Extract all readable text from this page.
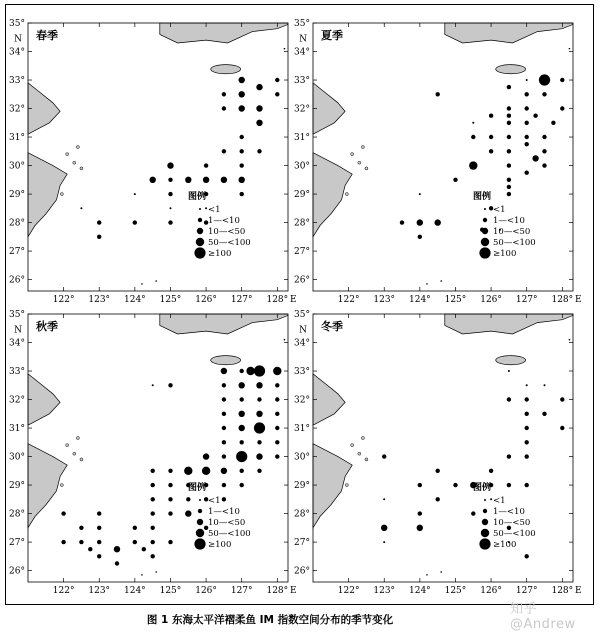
26°
27°
28°
29°
30°
31°
32°
33°
34°
35°
N
122° 123° 124° 125° 126° 127° 128° E
图例
<1
1—<10
10—<50
50—<100
≥100
春季
26°
27°
28°
29°
30°
31°
32°
33°
34°
35°
N
122° 123° 124° 125° 126° 127° 128° E
图例
<1
1—<10
10—<50
50—<100
≥100
夏季
26°
27°
28°
29°
30°
31°
32°
33°
34°
35°
N
122° 123° 124° 125° 126° 127° 128° E
图例
<1
1—<10
10—<50
50—<100
≥100
秋季
26°
27°
28°
29°
30°
31°
32°
33°
34°
35°
N
122° 123° 124° 125° 126° 127° 128° E
图例
<1
1—<10
10—<50
50—<100
≥100
冬季
图 1 东海太平洋褶柔鱼 IM 指数空间分布的季节变化
知乎 @Andrew
